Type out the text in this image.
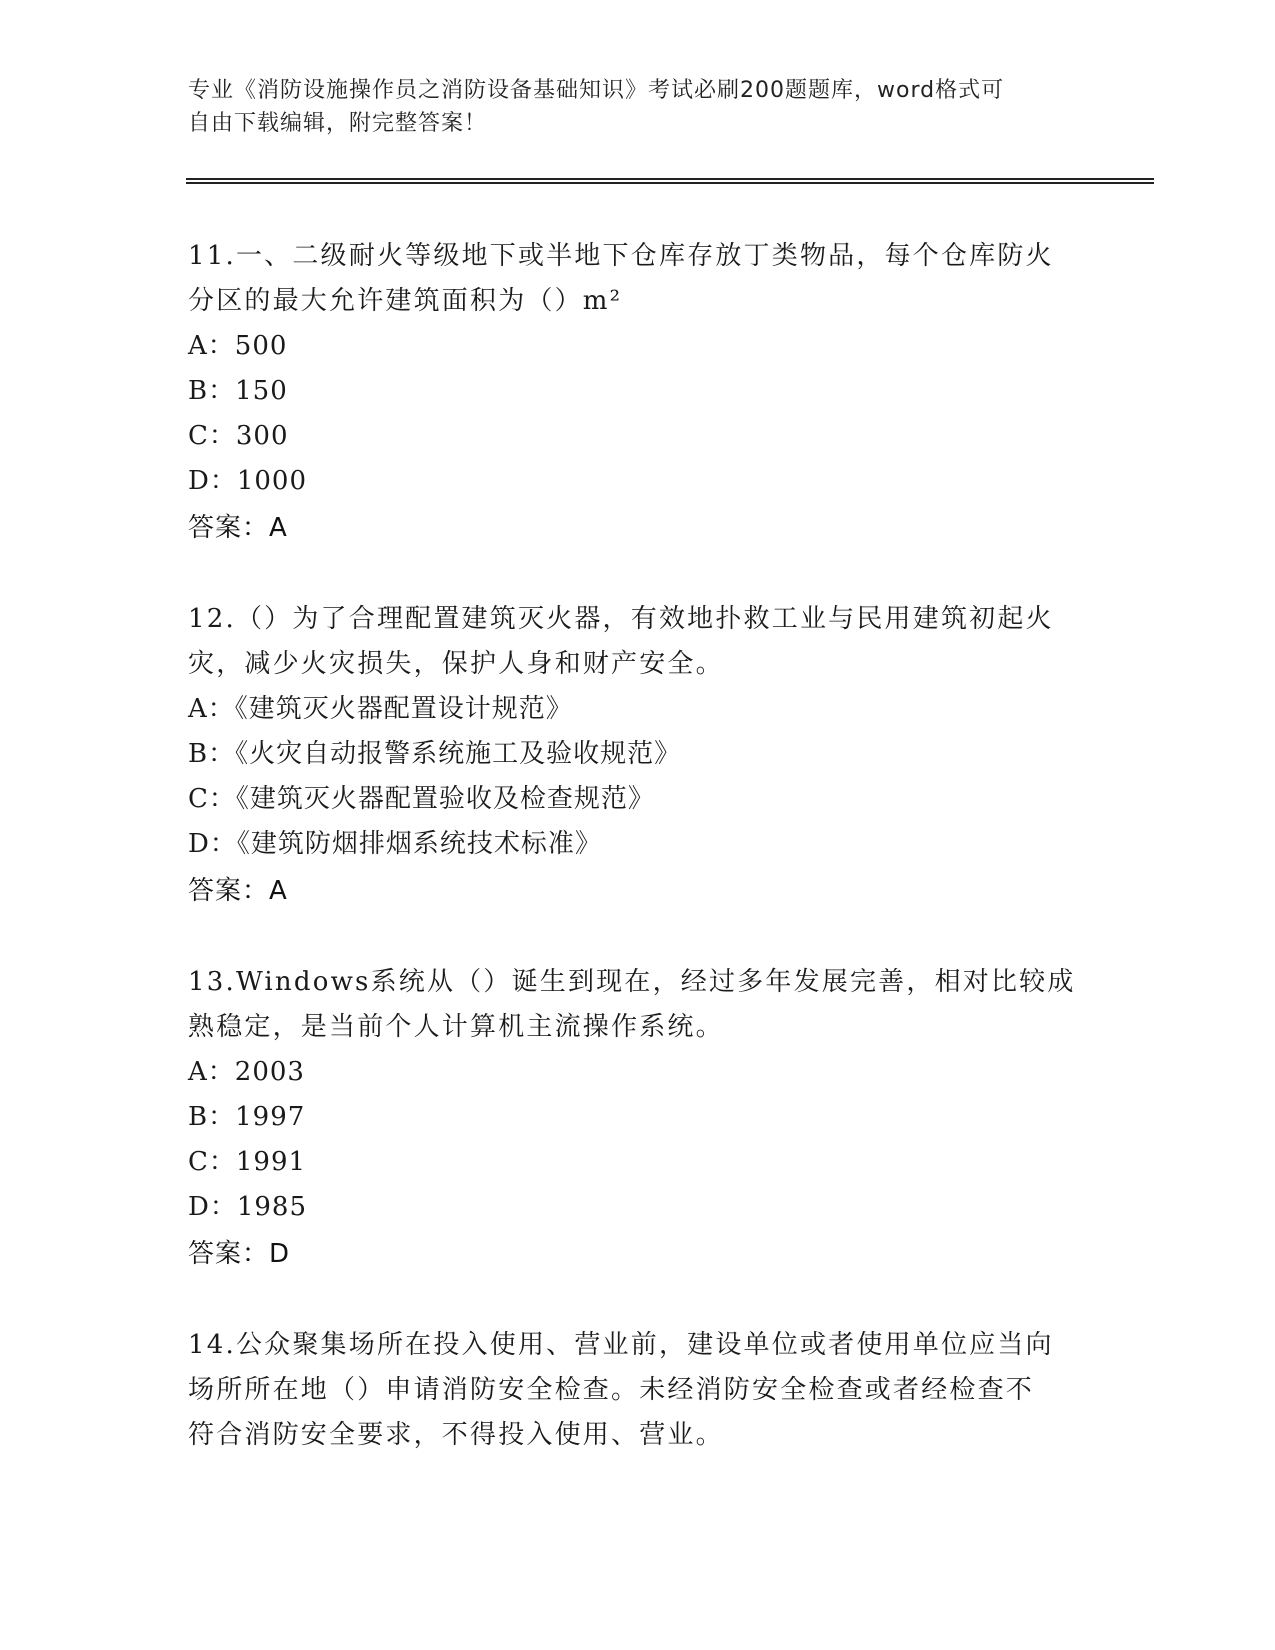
专业《消防设施操作员之消防设备基础知识》考试必刷200题题库，word格式可
自由下载编辑，附完整答案！
11.一、二级耐火等级地下或半地下仓库存放丁类物品，每个仓库防火
分区的最大允许建筑面积为（）m²
A：500
B：150
C：300
D：1000
答案：A
12.（）为了合理配置建筑灭火器，有效地扑救工业与民用建筑初起火
灾，减少火灾损失，保护人身和财产安全。
A：《建筑灭火器配置设计规范》
B：《火灾自动报警系统施工及验收规范》
C：《建筑灭火器配置验收及检查规范》
D：《建筑防烟排烟系统技术标准》
答案：A
13.Windows系统从（）诞生到现在，经过多年发展完善，相对比较成
熟稳定，是当前个人计算机主流操作系统。
A：2003
B：1997
C：1991
D：1985
答案：D
14.公众聚集场所在投入使用、营业前，建设单位或者使用单位应当向
场所所在地（）申请消防安全检查。未经消防安全检查或者经检查不
符合消防安全要求，不得投入使用、营业。
